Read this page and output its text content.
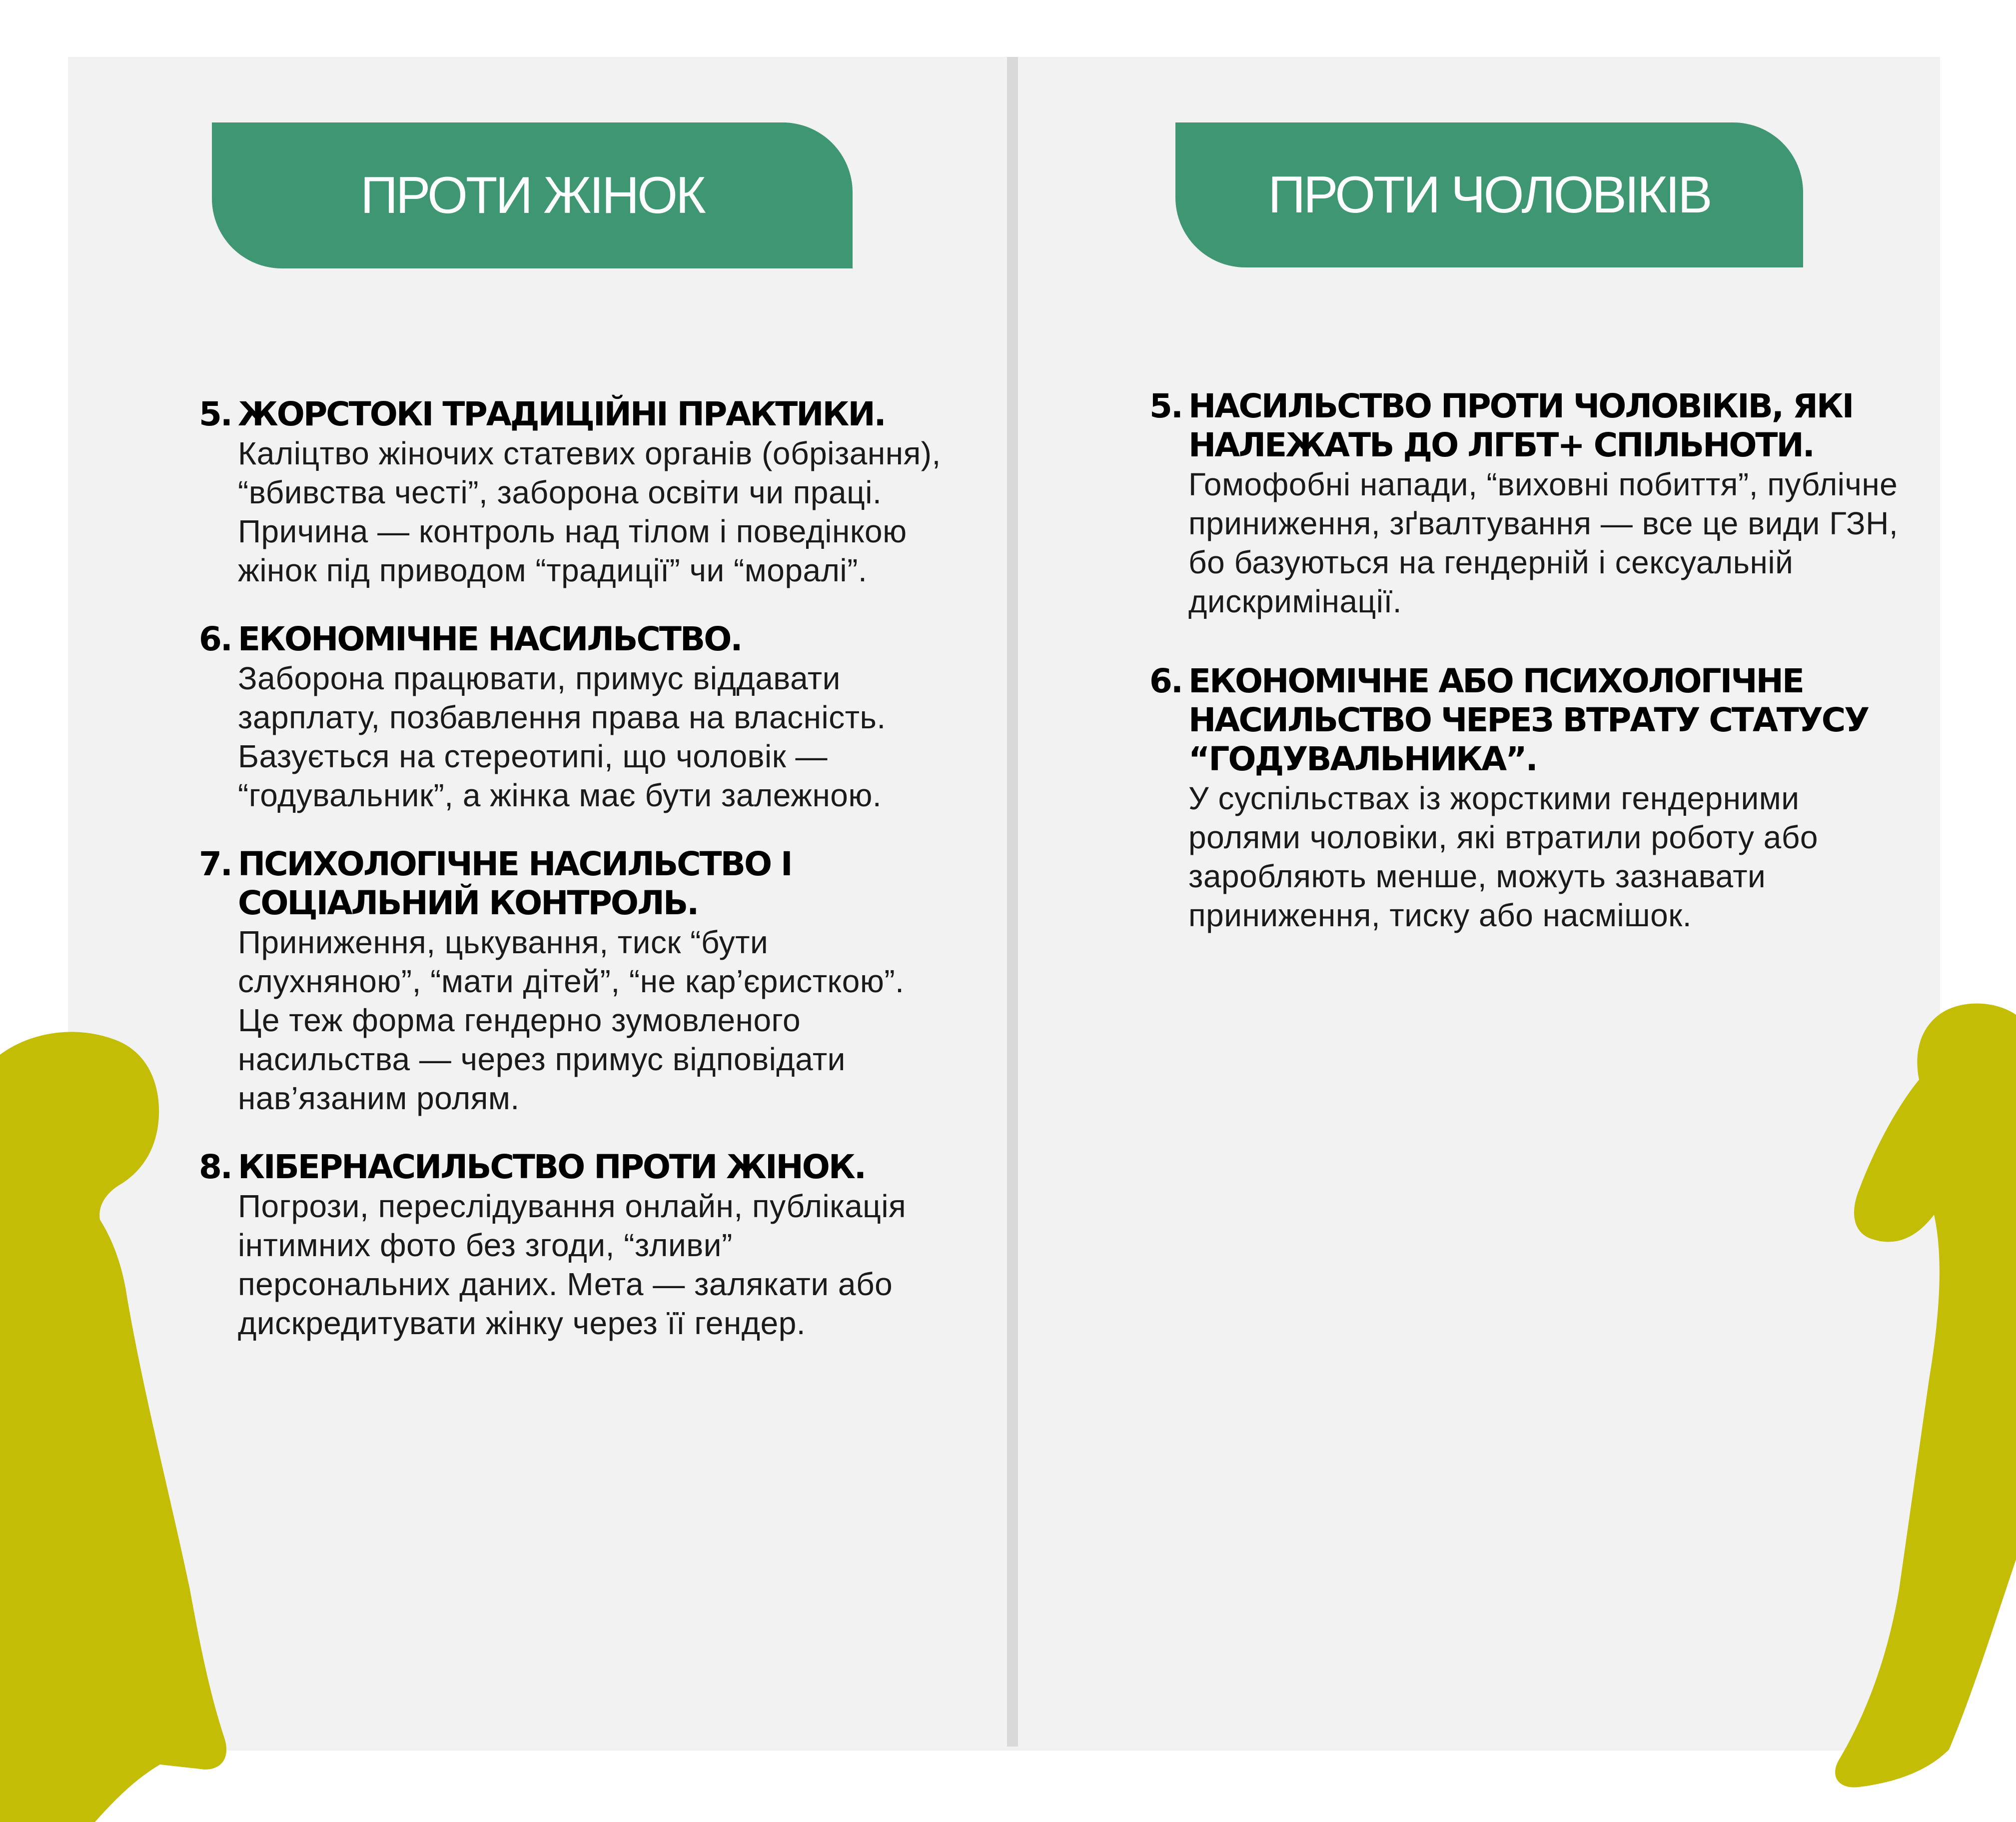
ПРОТИ ЖІНОК	ПРОТИ ЧОЛОВІКІВ
5. ЖОРСТОКІ ТРАДИЦІЙНІ ПРАКТИКИ.

Каліцтво жіночих статевих органів (обрізання), “вбивства честі”, заборона освіти чи праці. Причина — контроль над тілом і поведінкою жінок під приводом “традиції” чи “моралі”.

6. ЕКОНОМІЧНЕ НАСИЛЬСТВО.

Заборона працювати, примус віддавати зарплату, позбавлення права на власність. Базується на стереотипі, що чоловік — “годувальник”, а жінка має бути залежною.

7. ПСИХОЛОГІЧНЕ НАСИЛЬСТВО І СОЦІАЛЬНИЙ КОНТРОЛЬ.

Приниження, цькування, тиск “бути слухняною”, “мати дітей”, “не кар’єристкою”. Це теж форма гендерно зумовленого насильства — через примус відповідати нав’язаним ролям.

8. КІБЕРНАСИЛЬСТВО ПРОТИ ЖІНОК.

Погрози, переслідування онлайн, публікація інтимних фото без згоди, “зливи” персональних даних. Мета — залякати або дискредитувати жінку через її гендер.

5. НАСИЛЬСТВО ПРОТИ ЧОЛОВІКІВ, ЯКІ НАЛЕЖАТЬ ДО ЛГБТ+ СПІЛЬНОТИ.

Гомофобні напади, “виховні побиття”, публічне приниження, зґвалтування — все це види ГЗН, бо базуються на гендерній і сексуальній дискримінації.

6. ЕКОНОМІЧНЕ АБО ПСИХОЛОГІЧНЕ НАСИЛЬСТВО ЧЕРЕЗ ВТРАТУ СТАТУСУ “ГОДУВАЛЬНИКА”.

У суспільствах із жорсткими гендерними ролями чоловіки, які втратили роботу або заробляють менше, можуть зазнавати приниження, тиску або насмішок.
